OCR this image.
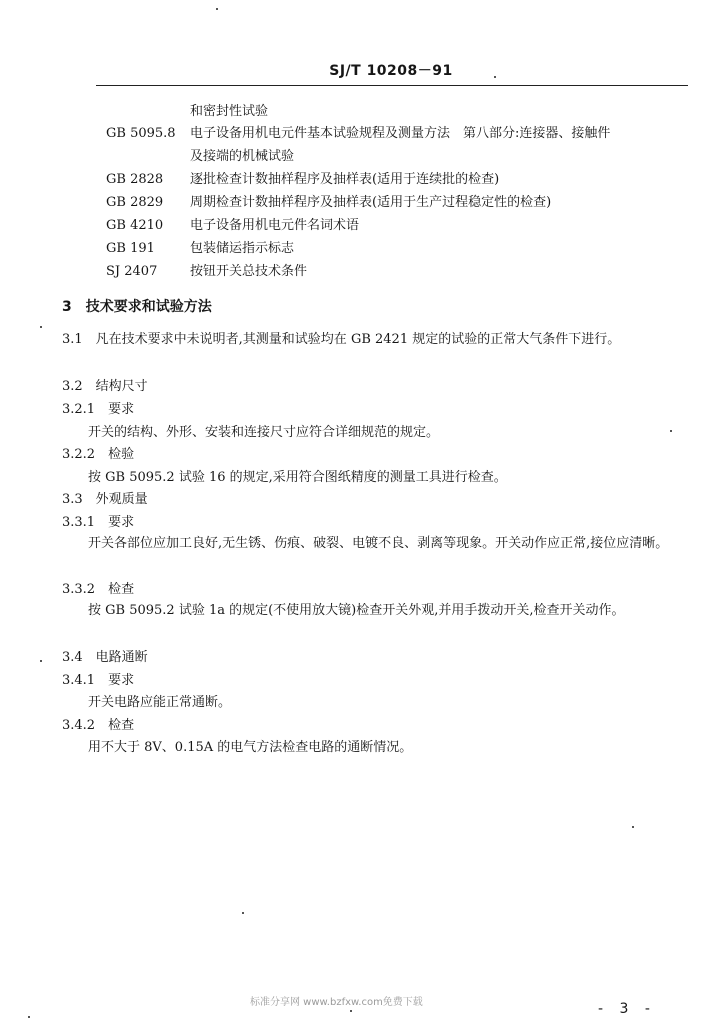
SJ/T 10208－91
和密封性试验
GB 5095.8 电子设备用机电元件基本试验规程及测量方法　第八部分:连接器、接触件
及接端的机械试验
GB 2828 逐批检查计数抽样程序及抽样表(适用于连续批的检查)
GB 2829 周期检查计数抽样程序及抽样表(适用于生产过程稳定性的检查)
GB 4210 电子设备用机电元件名词术语
GB 191	包装储运指示标志
SJ 2407	按钮开关总技术条件
3　技术要求和试验方法
3.1　凡在技术要求中未说明者,其测量和试验均在 GB 2421 规定的试验的正常大气条件下进行。
3.2　结构尺寸
3.2.1　要求
开关的结构、外形、安装和连接尺寸应符合详细规范的规定。
3.2.2　检验
按 GB 5095.2 试验 16 的规定,采用符合图纸精度的测量工具进行检查。
3.3　外观质量
3.3.1　要求
开关各部位应加工良好,无生锈、伤痕、破裂、电镀不良、剥离等现象。开关动作应正常,接位应清晰。
3.3.2　检查
按 GB 5095.2 试验 1a 的规定(不使用放大镜)检查开关外观,并用手拨动开关,检查开关动作。
3.4　电路通断
3.4.1　要求
开关电路应能正常通断。
3.4.2　检查
用不大于 8V、0.15A 的电气方法检查电路的通断情况。
标准分享网 www.bzfxw.com免费下载	- 3 -
